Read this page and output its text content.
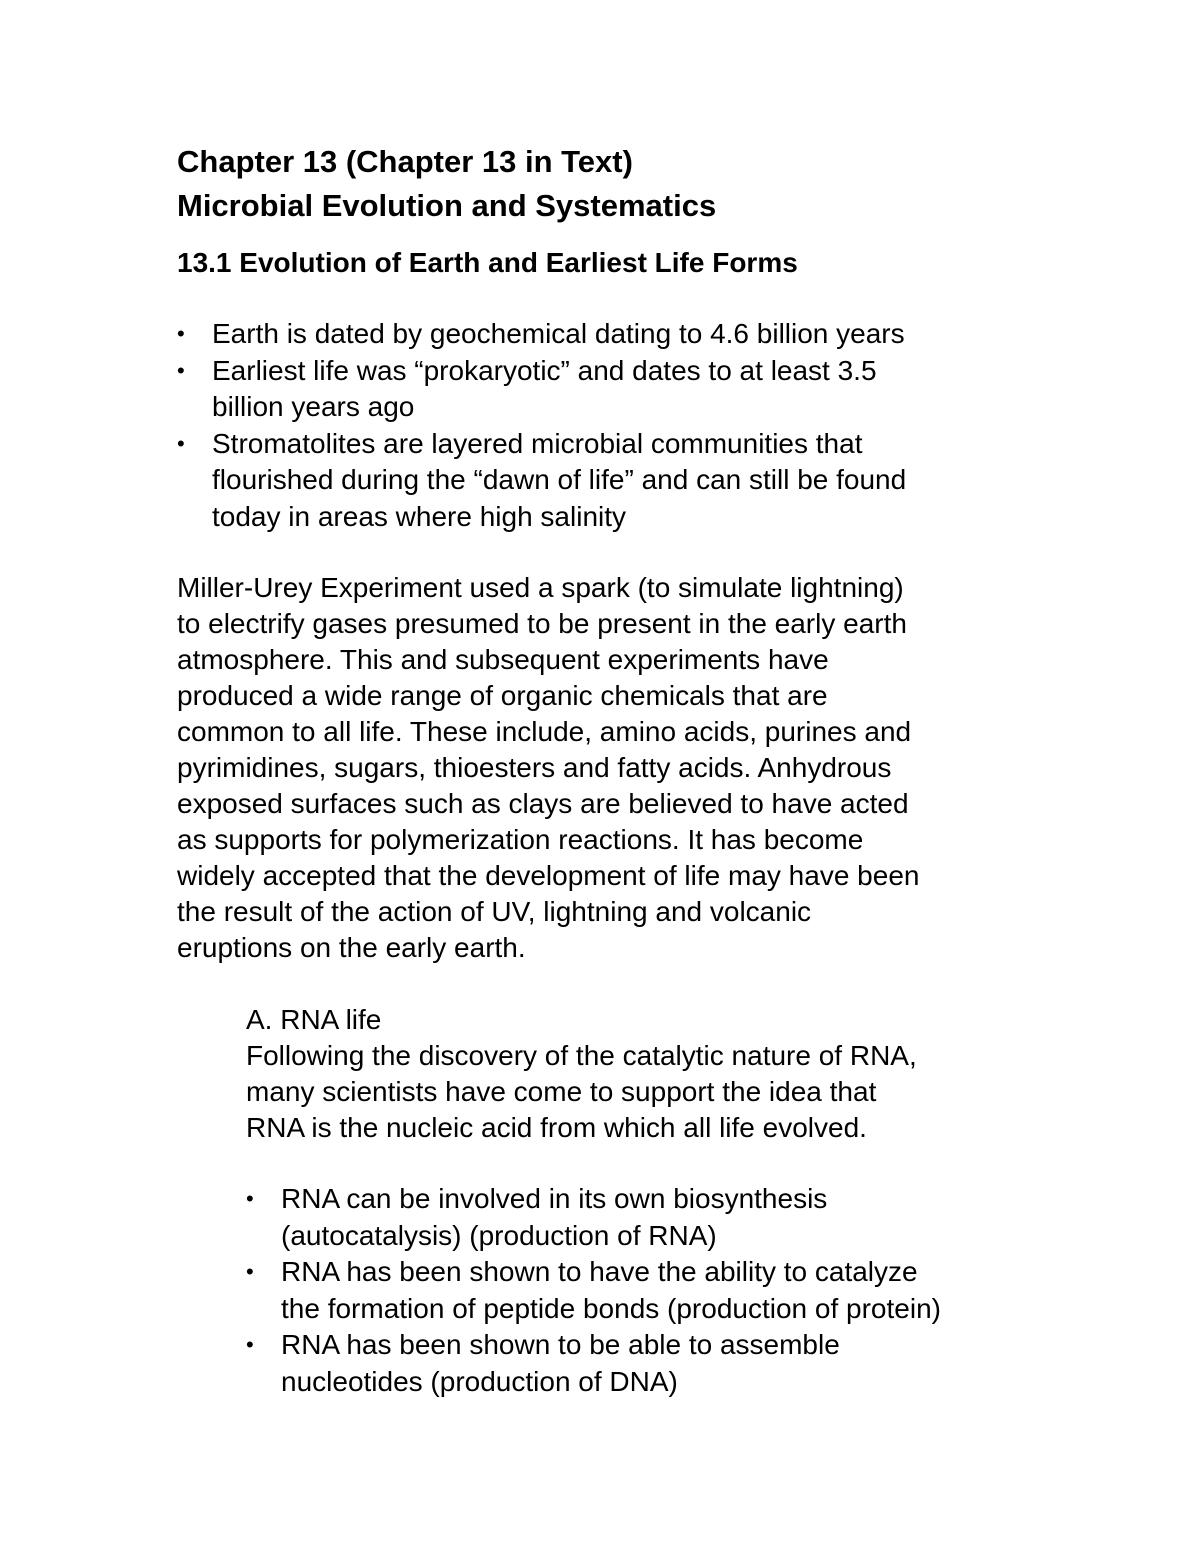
Chapter 13 (Chapter 13 in Text)
Microbial Evolution and Systematics
13.1 Evolution of Earth and Earliest Life Forms
• Earth is dated by geochemical dating to 4.6 billion years
• Earliest life was “prokaryotic” and dates to at least 3.5
billion years ago
• Stromatolites are layered microbial communities that
flourished during the “dawn of life” and can still be found
today in areas where high salinity

Miller-Urey Experiment used a spark (to simulate lightning)
to electrify gases presumed to be present in the early earth
atmosphere. This and subsequent experiments have
produced a wide range of organic chemicals that are
common to all life. These include, amino acids, purines and
pyrimidines, sugars, thioesters and fatty acids. Anhydrous
exposed surfaces such as clays are believed to have acted
as supports for polymerization reactions. It has become
widely accepted that the development of life may have been
the result of the action of UV, lightning and volcanic
eruptions on the early earth.

A. RNA life

Following the discovery of the catalytic nature of RNA,
many scientists have come to support the idea that
RNA is the nucleic acid from which all life evolved.

• RNA can be involved in its own biosynthesis
(autocatalysis) (production of RNA)
• RNA has been shown to have the ability to catalyze
the formation of peptide bonds (production of protein)
• RNA has been shown to be able to assemble
nucleotides (production of DNA)
